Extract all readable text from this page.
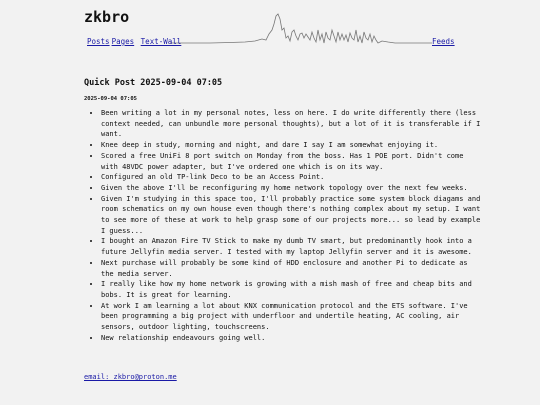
zkbro
Posts Pages Text-Wall	Feeds
Quick Post 2025-09-04 07:05
2025-09-04 07:05
• Been writing a lot in my personal notes, less on here. I do write differently there (less context needed, can unbundle more personal thoughts), but a lot of it is transferable if I want.
• Knee deep in study, morning and night, and dare I say I am somewhat enjoying it.
• Scored a free UniFi 8 port switch on Monday from the boss. Has 1 POE port. Didn't come with 48VDC power adapter, but I've ordered one which is on its way.
• Configured an old TP-link Deco to be an Access Point.
• Given the above I'll be reconfiguring my home network topology over the next few weeks.
• Given I'm studying in this space too, I'll probably practice some system block diagams and room schematics on my own house even though there's nothing complex about my setup. I want to see more of these at work to help grasp some of our projects more... so lead by example I guess...
• I bought an Amazon Fire TV Stick to make my dumb TV smart, but predominantly hook into a future Jellyfin media server. I tested with my laptop Jellyfin server and it is awesome.
• Next purchase will probably be some kind of HDD enclosure and another Pi to dedicate as the media server.
• I really like how my home network is growing with a mish mash of free and cheap bits and bobs. It is great for learning.
• At work I am learning a lot about KNX communication protocol and the ETS software. I've been programming a big project with underfloor and undertile heating, AC cooling, air sensors, outdoor lighting, touchscreens.
• New relationship endeavours going well.
email: zkbro@proton.me
